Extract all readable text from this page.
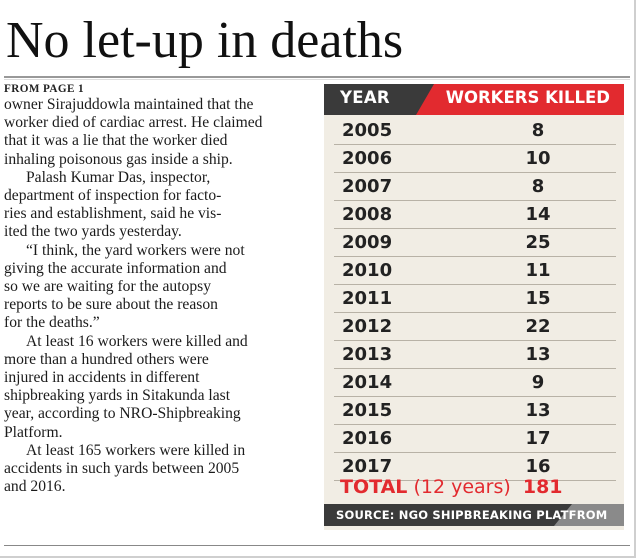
No let-up in deaths
FROM PAGE 1

owner Sirajuddowla maintained that the

worker died of cardiac arrest. He claimed

that it was a lie that the worker died

inhaling poisonous gas inside a ship.

Palash Kumar Das, inspector,

department of inspection for facto-

ries and establishment, said he vis-

ited the two yards yesterday.

“I think, the yard workers were not

giving the accurate information and

so we are waiting for the autopsy

reports to be sure about the reason

for the deaths.”

At least 16 workers were killed and

more than a hundred others were

injured in accidents in different

shipbreaking yards in Sitakunda last

year, according to NRO-Shipbreaking

Platform.

At least 165 workers were killed in

accidents in such yards between 2005

and 2016.

YEAR	WORKERS KILLED
2005	8
2006	10
2007	8
2008	14
2009	25
2010	11
2011	15
2012	22
2013	13
2014	9
2015	13
2016	17
2017	16
TOTAL (12 years) 181
SOURCE: NGO SHIPBREAKING PLATFROM
